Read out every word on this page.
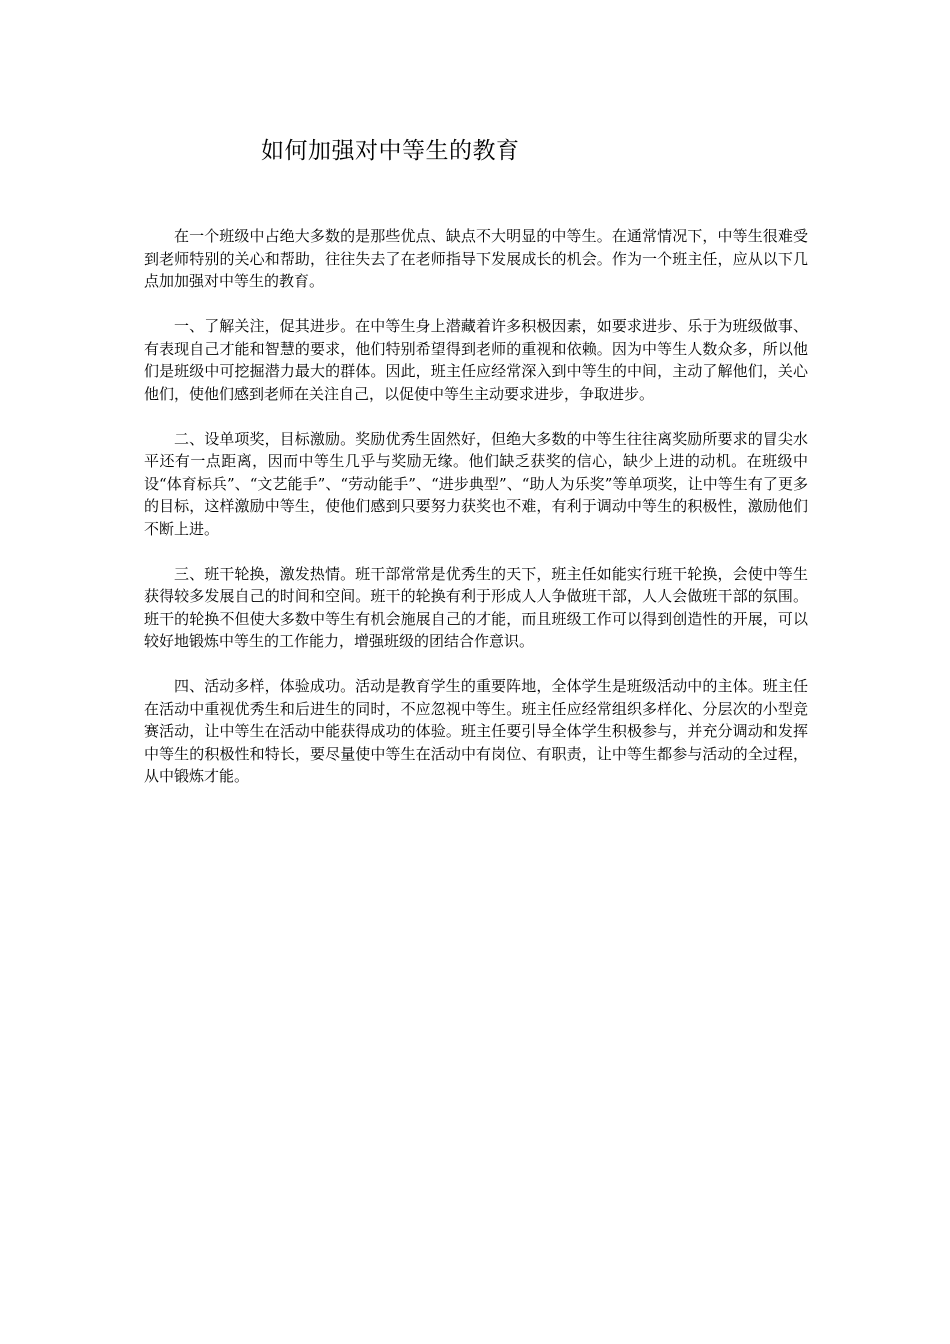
如何加强对中等生的教育

在一个班级中占绝大多数的是那些优点、缺点不大明显的中等生。在通常情况下，中等生很难受到老师特别的关心和帮助，往往失去了在老师指导下发展成长的机会。作为一个班主任，应从以下几点加加强对中等生的教育。

一、了解关注，促其进步。在中等生身上潜藏着许多积极因素，如要求进步、乐于为班级做事、有表现自己才能和智慧的要求，他们特别希望得到老师的重视和依赖。因为中等生人数众多，所以他们是班级中可挖掘潜力最大的群体。因此，班主任应经常深入到中等生的中间，主动了解他们，关心他们，使他们感到老师在关注自己，以促使中等生主动要求进步，争取进步。

二、设单项奖，目标激励。奖励优秀生固然好，但绝大多数的中等生往往离奖励所要求的冒尖水平还有一点距离，因而中等生几乎与奖励无缘。他们缺乏获奖的信心，缺少上进的动机。在班级中设“体育标兵”、“文艺能手”、“劳动能手”、“进步典型”、“助人为乐奖”等单项奖，让中等生有了更多的目标，这样激励中等生，使他们感到只要努力获奖也不难，有利于调动中等生的积极性，激励他们不断上进。

三、班干轮换，激发热情。班干部常常是优秀生的天下，班主任如能实行班干轮换，会使中等生获得较多发展自己的时间和空间。班干的轮换有利于形成人人争做班干部，人人会做班干部的氛围。班干的轮换不但使大多数中等生有机会施展自己的才能，而且班级工作可以得到创造性的开展，可以较好地锻炼中等生的工作能力，增强班级的团结合作意识。

四、活动多样，体验成功。活动是教育学生的重要阵地，全体学生是班级活动中的主体。班主任在活动中重视优秀生和后进生的同时，不应忽视中等生。班主任应经常组织多样化、分层次的小型竞赛活动，让中等生在活动中能获得成功的体验。班主任要引导全体学生积极参与，并充分调动和发挥中等生的积极性和特长，要尽量使中等生在活动中有岗位、有职责，让中等生都参与活动的全过程，从中锻炼才能。
